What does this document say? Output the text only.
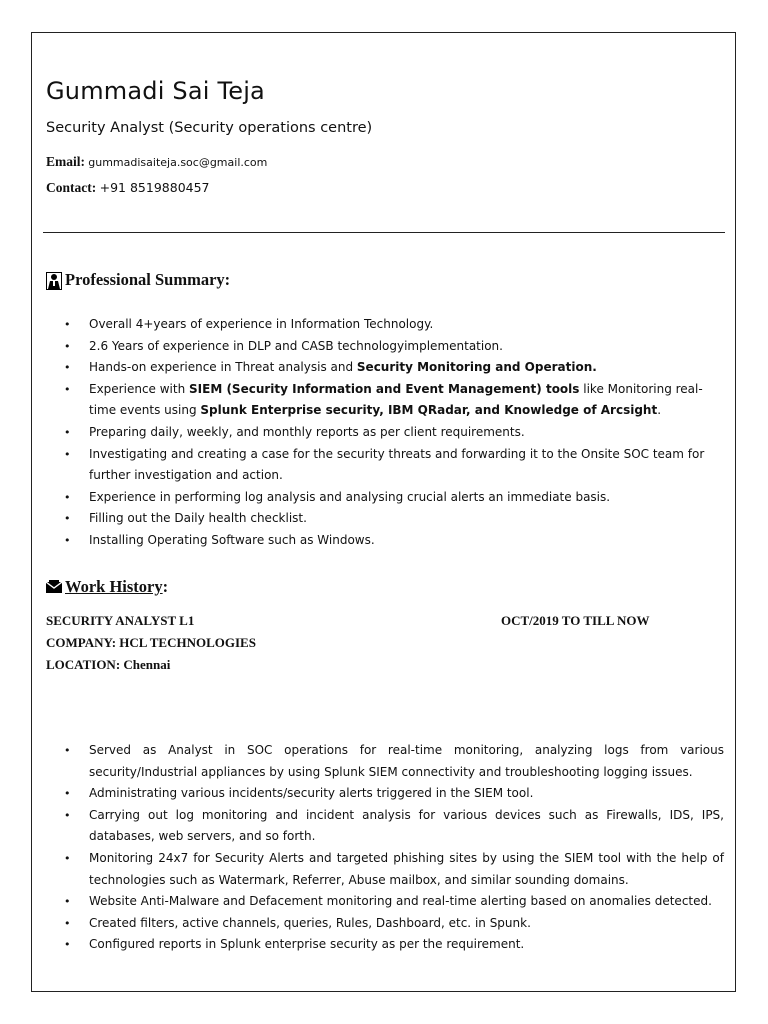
Gummadi Sai Teja
Security Analyst (Security operations centre)
Email: gummadisaiteja.soc@gmail.com
Contact: +91 8519880457
Professional Summary :
• Overall 4+years of experience in Information Technology.
• 2.6 Years of experience in DLP and CASB technologyimplementation.
• Hands-on experience in Threat analysis and Security Monitoring and Operation.
• Experience with SIEM (Security Information and Event Management) tools like Monitoring real-time events using Splunk Enterprise security, IBM QRadar, and Knowledge of Arcsight.
• Preparing daily, weekly, and monthly reports as per client requirements.
• Investigating and creating a case for the security threats and forwarding it to the Onsite SOC team for further investigation and action.
• Experience in performing log analysis and analysing crucial alerts an immediate basis.
• Filling out the Daily health checklist.
• Installing Operating Software such as Windows.
Work History :
SECURITY ANALYST L1	OCT/2019 TO TILL NOW
COMPANY: HCL TECHNOLOGIES
LOCATION: Chennai
• Served as Analyst in SOC operations for real-time monitoring, analyzing logs from various security/Industrial appliances by using Splunk SIEM connectivity and troubleshooting logging issues.
• Administrating various incidents/security alerts triggered in the SIEM tool.
• Carrying out log monitoring and incident analysis for various devices such as Firewalls, IDS, IPS, databases, web servers, and so forth.
• Monitoring 24x7 for Security Alerts and targeted phishing sites by using the SIEM tool with the help of technologies such as Watermark, Referrer, Abuse mailbox, and similar sounding domains.
• Website Anti-Malware and Defacement monitoring and real-time alerting based on anomalies detected.
• Created filters, active channels, queries, Rules, Dashboard, etc. in Spunk.
• Configured reports in Splunk enterprise security as per the requirement.
